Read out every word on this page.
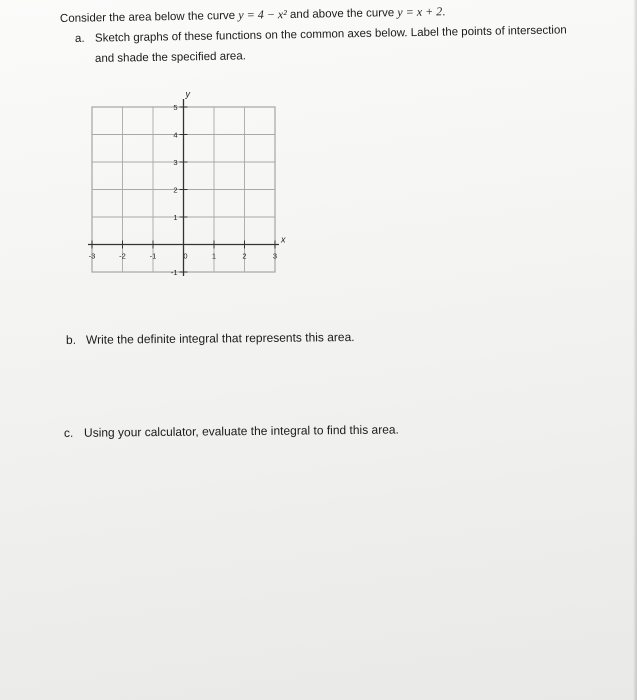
Consider the area below the curve y = 4 − x² and above the curve y = x + 2.
a. Sketch graphs of these functions on the common axes below. Label the points of intersection
and shade the specified area.
-3	-2	-1	0	1	2	3
5
4
3
2
1
-1
x
y
b. Write the definite integral that represents this area.
c. Using your calculator, evaluate the integral to find this area.
